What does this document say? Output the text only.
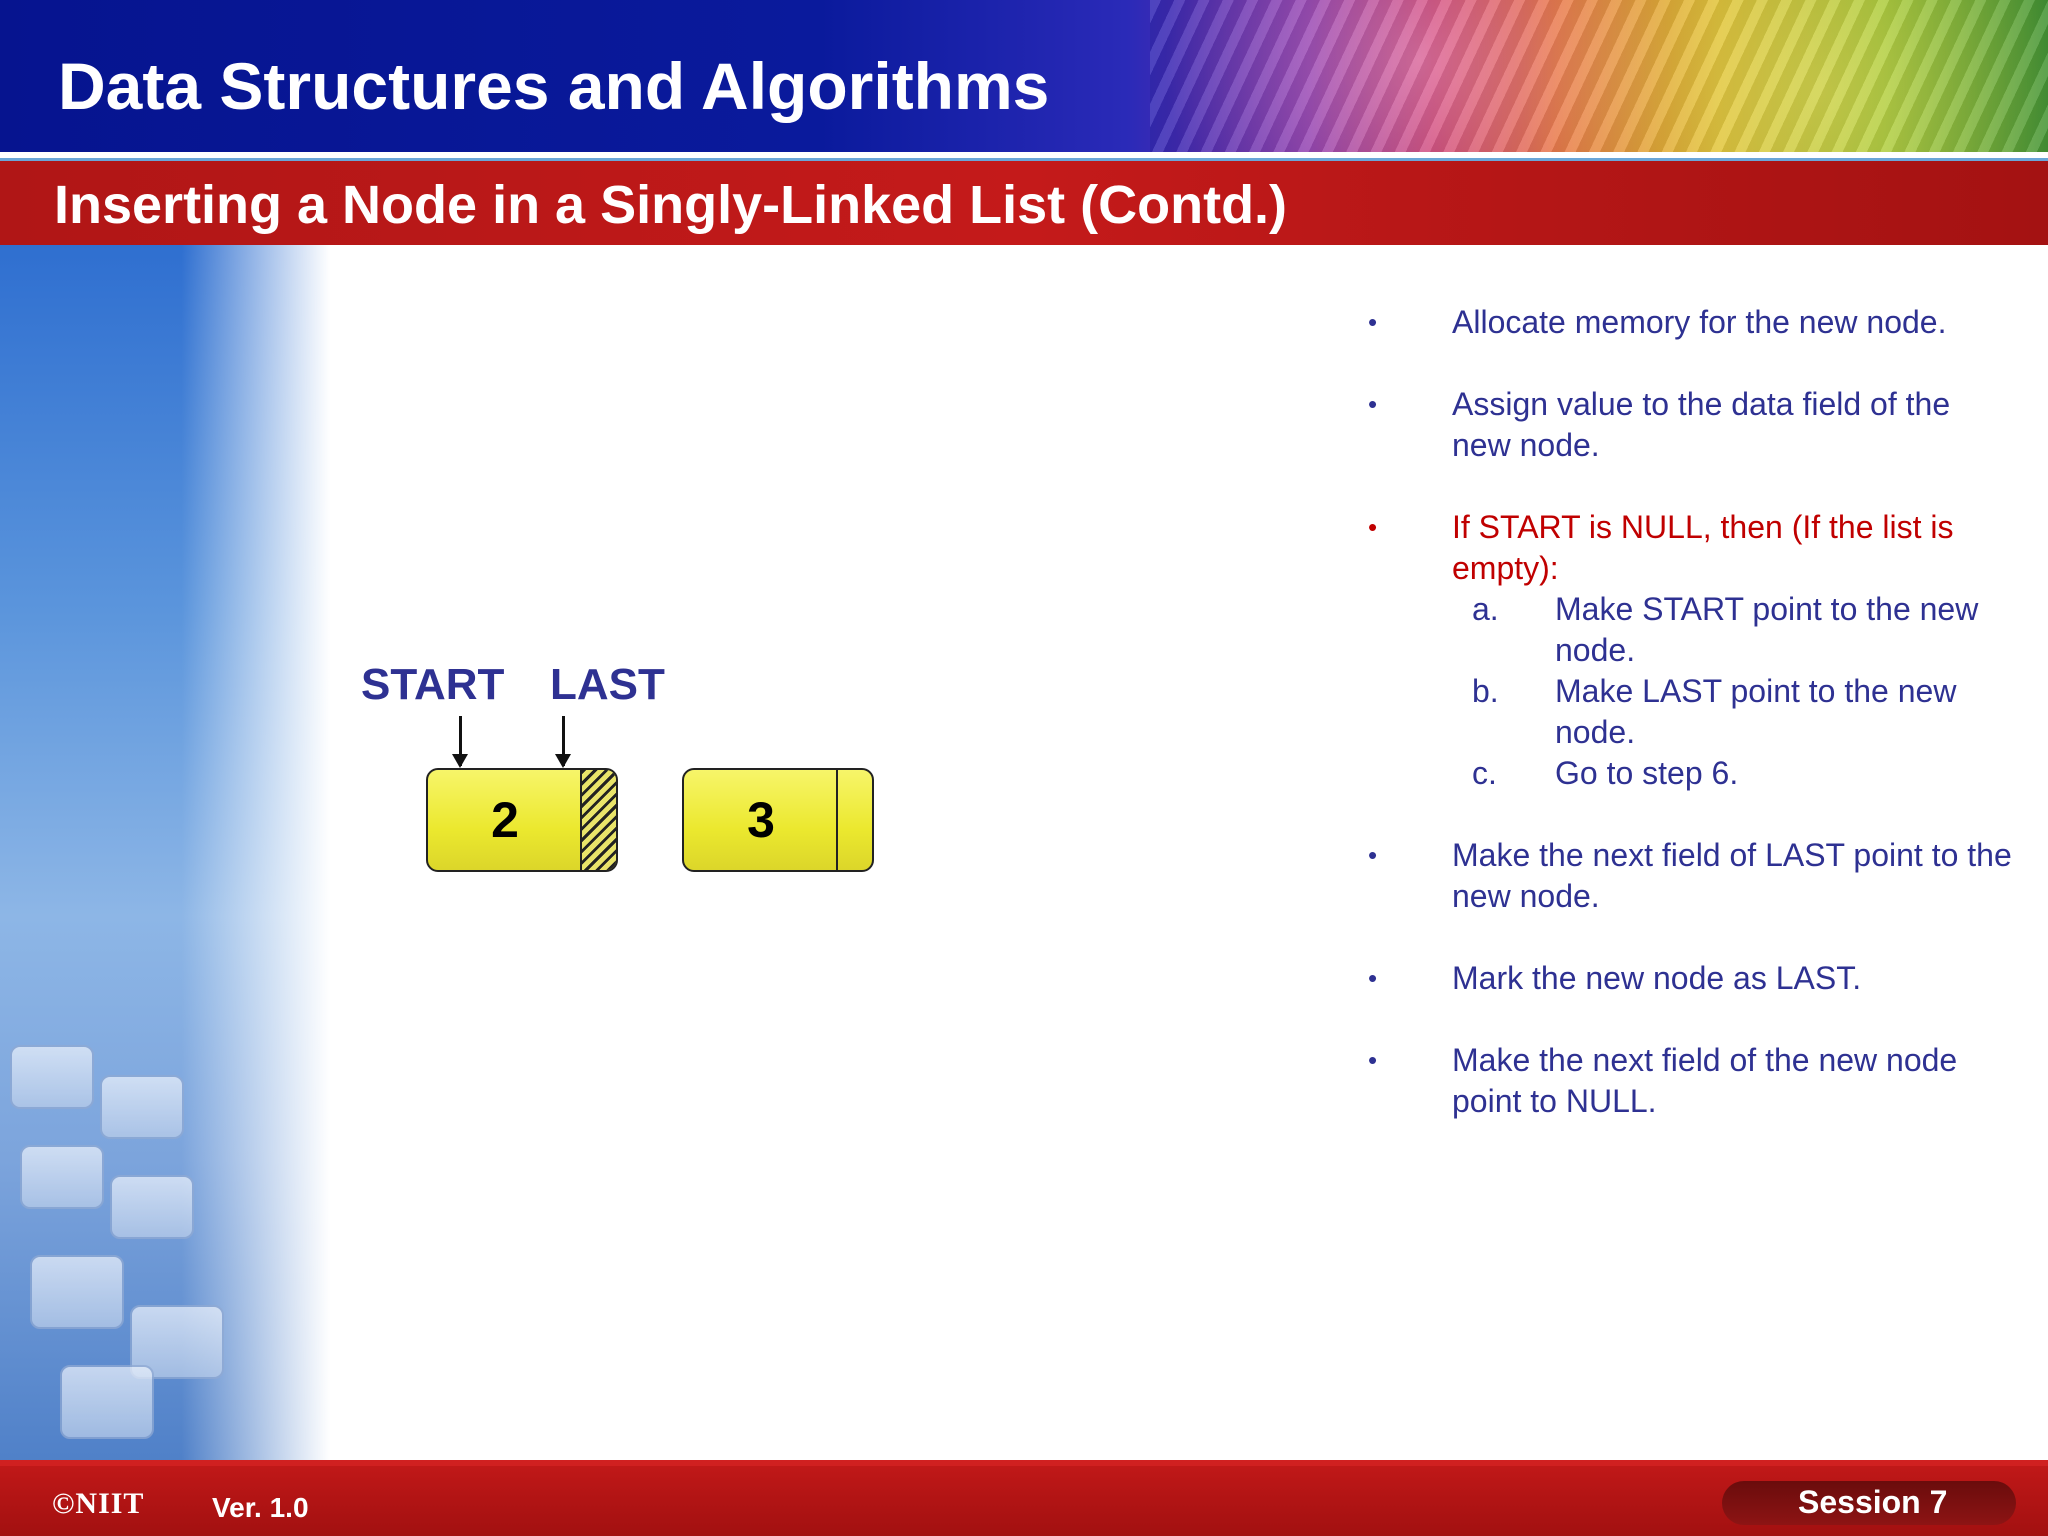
Data Structures and Algorithms
Inserting a Node in a Singly-Linked List (Contd.)
START LAST
2	3
• Allocate memory for the new node.
• Assign value to the data field of the new node.
• If START is NULL, then (If the list is empty):
a. Make START point to the new node.
b. Make LAST point to the new node.
c. Go to step 6.
• Make the next field of LAST point to the new node.
• Mark the new node as LAST.
• Make the next field of the new node point to NULL.
©NIIT Ver. 1.0	Session 7
